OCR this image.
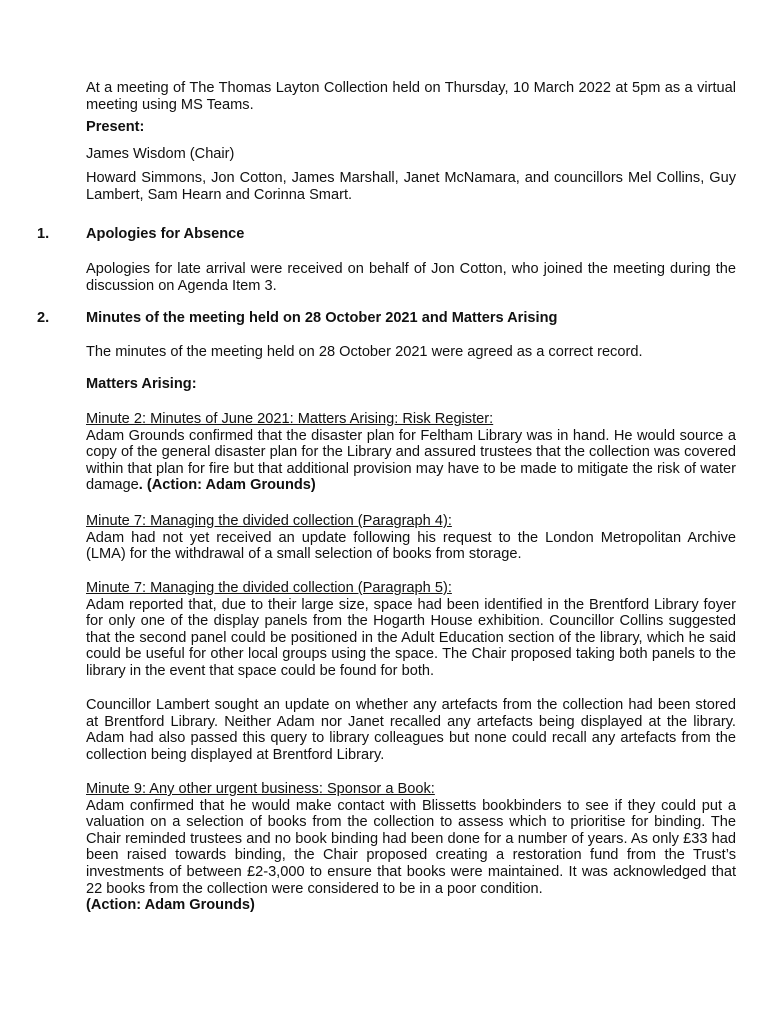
At a meeting of The Thomas Layton Collection held on Thursday, 10 March 2022 at 5pm as a virtual meeting using MS Teams.

Present:

James Wisdom (Chair)

Howard Simmons, Jon Cotton, James Marshall, Janet McNamara, and councillors Mel Collins, Guy Lambert, Sam Hearn and Corinna Smart.

1.	Apologies for Absence

Apologies for late arrival were received on behalf of Jon Cotton, who joined the meeting during the discussion on Agenda Item 3.

2.	Minutes of the meeting held on 28 October 2021 and Matters Arising

The minutes of the meeting held on 28 October 2021 were agreed as a correct record.

Matters Arising:

Minute 2: Minutes of June 2021: Matters Arising: Risk Register:

Adam Grounds confirmed that the disaster plan for Feltham Library was in hand. He would source a copy of the general disaster plan for the Library and assured trustees that the collection was covered within that plan for fire but that additional provision may have to be made to mitigate the risk of water damage. (Action: Adam Grounds)

Minute 7: Managing the divided collection (Paragraph 4):

Adam had not yet received an update following his request to the London Metropolitan Archive (LMA) for the withdrawal of a small selection of books from storage.

Minute 7: Managing the divided collection (Paragraph 5):

Adam reported that, due to their large size, space had been identified in the Brentford Library foyer for only one of the display panels from the Hogarth House exhibition. Councillor Collins suggested that the second panel could be positioned in the Adult Education section of the library, which he said could be useful for other local groups using the space. The Chair proposed taking both panels to the library in the event that space could be found for both.

Councillor Lambert sought an update on whether any artefacts from the collection had been stored at Brentford Library. Neither Adam nor Janet recalled any artefacts being displayed at the library. Adam had also passed this query to library colleagues but none could recall any artefacts from the collection being displayed at Brentford Library.

Minute 9: Any other urgent business: Sponsor a Book:

Adam confirmed that he would make contact with Blissetts bookbinders to see if they could put a valuation on a selection of books from the collection to assess which to prioritise for binding. The Chair reminded trustees and no book binding had been done for a number of years. As only £33 had been raised towards binding, the Chair proposed creating a restoration fund from the Trust’s investments of between £2-3,000 to ensure that books were maintained. It was acknowledged that 22 books from the collection were considered to be in a poor condition.

(Action: Adam Grounds)
